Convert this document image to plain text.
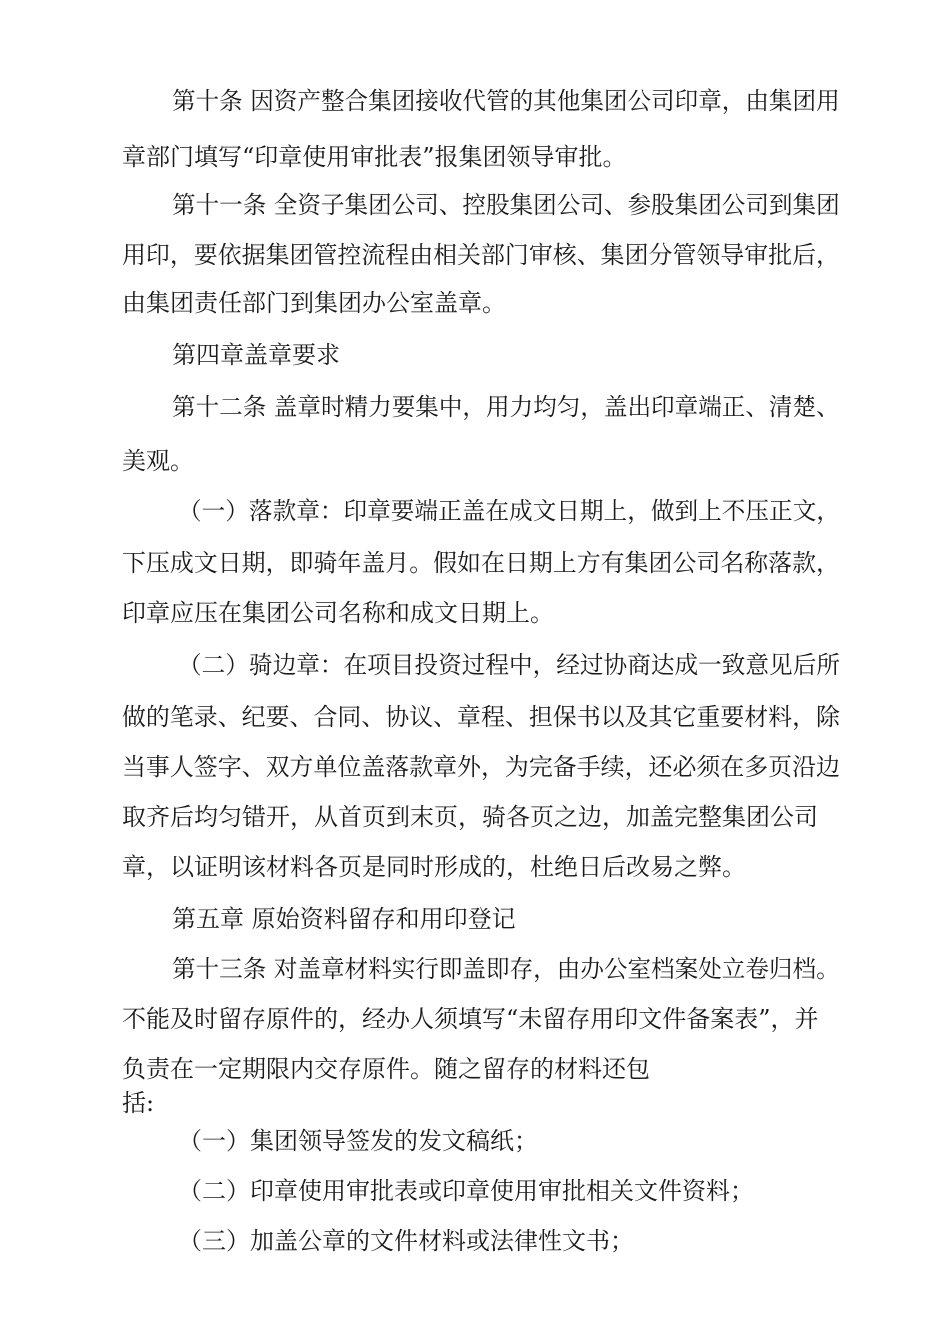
第十条 因资产整合集团接收代管的其他集团公司印章，由集团用
章部门填写“印章使用审批表”报集团领导审批。
第十一条 全资子集团公司、控股集团公司、参股集团公司到集团
用印，要依据集团管控流程由相关部门审核、集团分管领导审批后，
由集团责任部门到集团办公室盖章。
第四章盖章要求
第十二条 盖章时精力要集中，用力均匀，盖出印章端正、清楚、
美观。
（一）落款章：印章要端正盖在成文日期上，做到上不压正文，
下压成文日期，即骑年盖月。假如在日期上方有集团公司名称落款，
印章应压在集团公司名称和成文日期上。
（二）骑边章：在项目投资过程中，经过协商达成一致意见后所
做的笔录、纪要、合同、协议、章程、担保书以及其它重要材料，除
当事人签字、双方单位盖落款章外，为完备手续，还必须在多页沿边
取齐后均匀错开，从首页到末页，骑各页之边，加盖完整集团公司
章，以证明该材料各页是同时形成的，杜绝日后改易之弊。
第五章 原始资料留存和用印登记
第十三条 对盖章材料实行即盖即存，由办公室档案处立卷归档。
不能及时留存原件的，经办人须填写“未留存用印文件备案表”，并
负责在一定期限内交存原件。随之留存的材料还包
括:
（一）集团领导签发的发文稿纸；
（二）印章使用审批表或印章使用审批相关文件资料；
（三）加盖公章的文件材料或法律性文书；
